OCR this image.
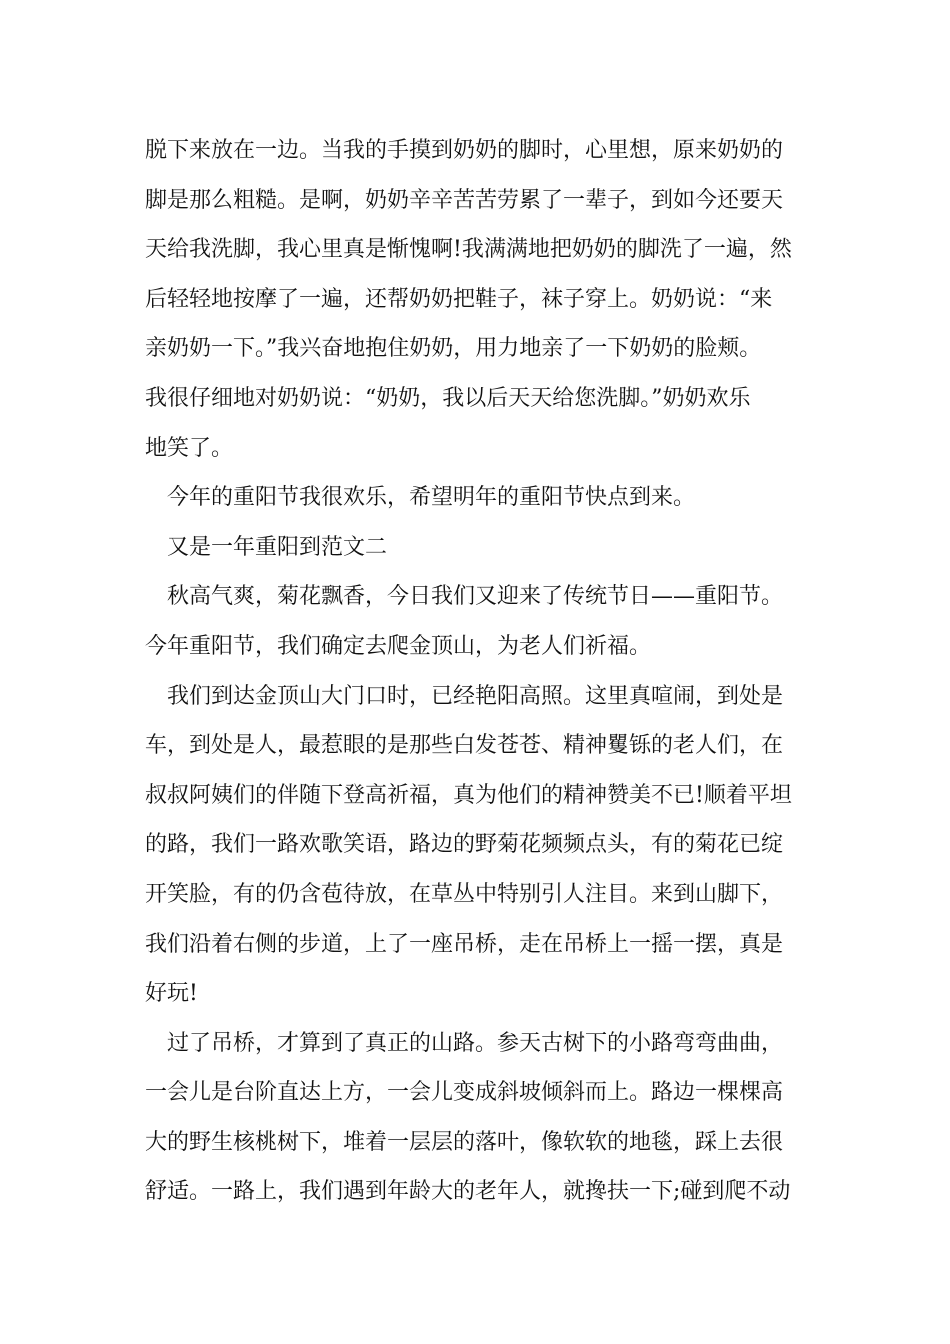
脱下来放在一边。当我的手摸到奶奶的脚时，心里想，原来奶奶的
脚是那么粗糙。是啊，奶奶辛辛苦苦劳累了一辈子，到如今还要天
天给我洗脚，我心里真是惭愧啊!我满满地把奶奶的脚洗了一遍，然
后轻轻地按摩了一遍，还帮奶奶把鞋子，袜子穿上。奶奶说：“来
亲奶奶一下。”我兴奋地抱住奶奶，用力地亲了一下奶奶的脸颊。
我很仔细地对奶奶说：“奶奶，我以后天天给您洗脚。”奶奶欢乐
地笑了。
今年的重阳节我很欢乐，希望明年的重阳节快点到来。
又是一年重阳到范文二
秋高气爽，菊花飘香，今日我们又迎来了传统节日——重阳节。
今年重阳节，我们确定去爬金顶山，为老人们祈福。
我们到达金顶山大门口时，已经艳阳高照。这里真喧闹，到处是
车，到处是人，最惹眼的是那些白发苍苍、精神矍铄的老人们，在
叔叔阿姨们的伴随下登高祈福，真为他们的精神赞美不已!顺着平坦
的路，我们一路欢歌笑语，路边的野菊花频频点头，有的菊花已绽
开笑脸，有的仍含苞待放，在草丛中特别引人注目。来到山脚下，
我们沿着右侧的步道，上了一座吊桥，走在吊桥上一摇一摆，真是
好玩!
过了吊桥，才算到了真正的山路。参天古树下的小路弯弯曲曲，
一会儿是台阶直达上方，一会儿变成斜坡倾斜而上。路边一棵棵高
大的野生核桃树下，堆着一层层的落叶，像软软的地毯，踩上去很
舒适。一路上，我们遇到年龄大的老年人，就搀扶一下;碰到爬不动
